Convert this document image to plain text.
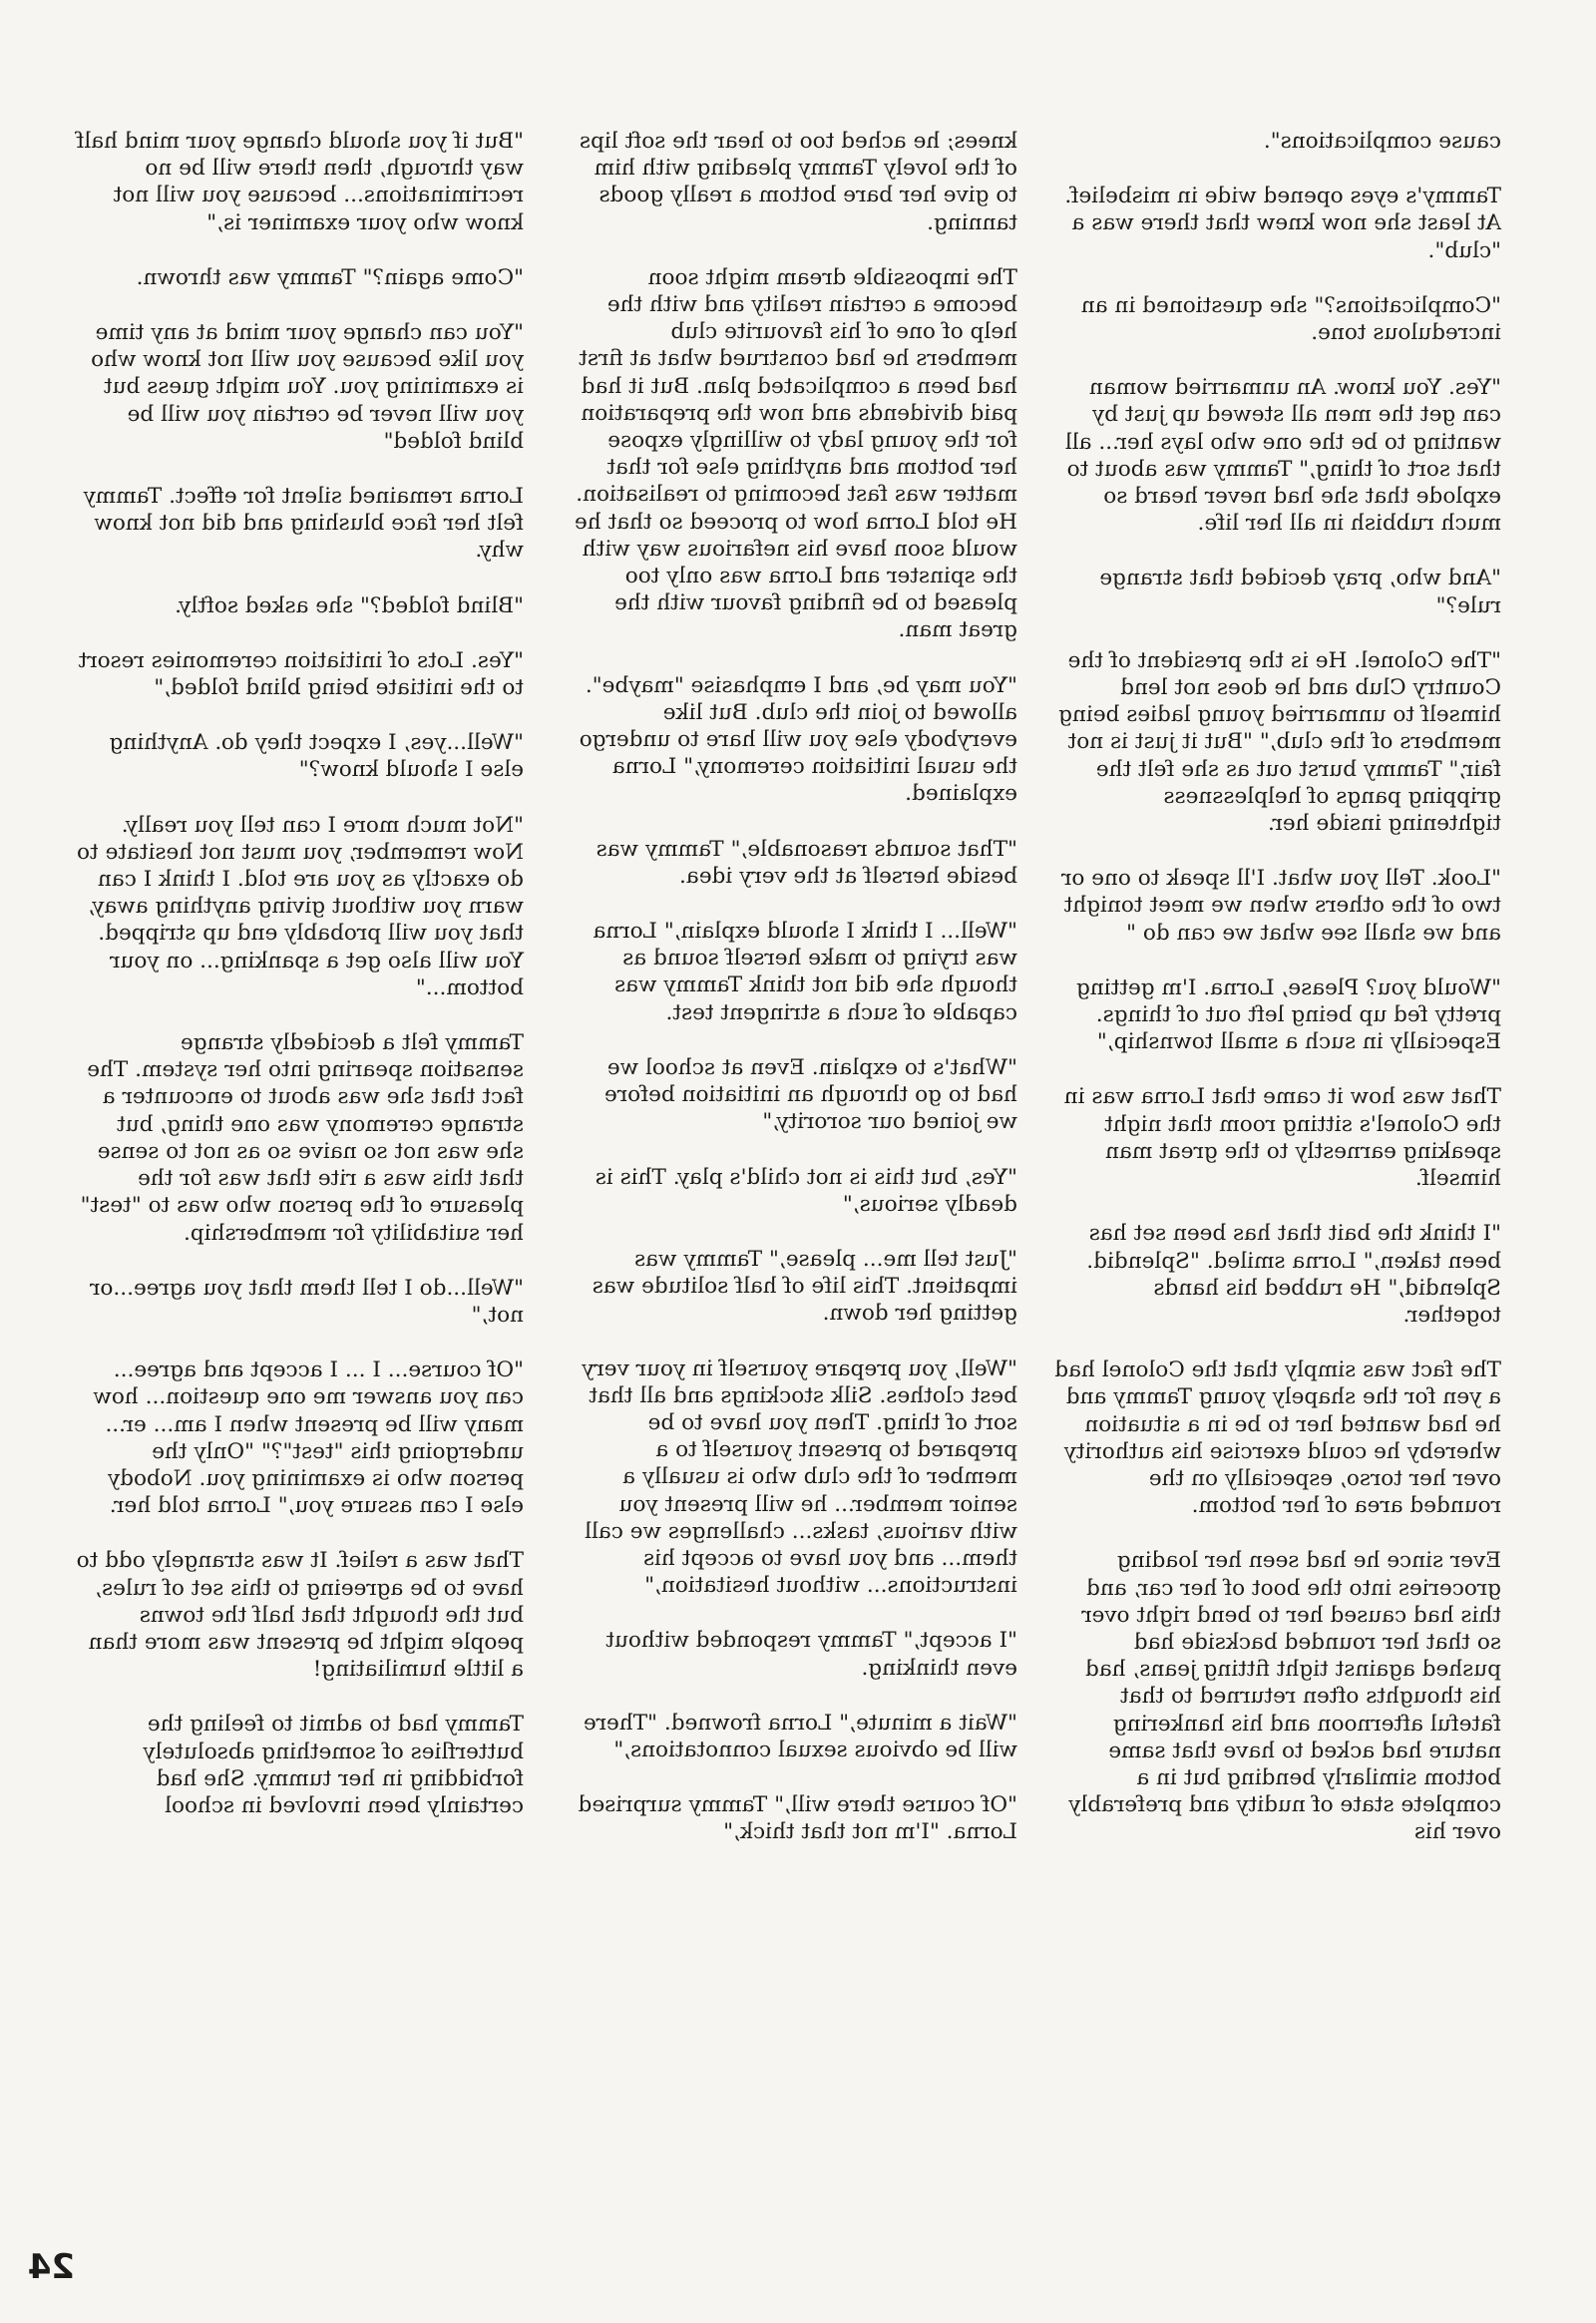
cause complications".

Tammy's eyes opened wide in misbelief. At least she now knew that there was a "club".

"Complications?" she questioned in an incredulous tone.

"Yes. You know. An unmarried woman can get the men all stewed up just by wanting to be the one who lays her... all that sort of thing," Tammy was about to explode that she had never heard so much rubbish in all her life.

"And who, pray decided that strange rule?"

"The Colonel. He is the president of the Country Club and he does not lend himself to unmarried young ladies being members of the club," "But it just is not fair," Tammy burst out as she felt the gripping pangs of helplessness tightening inside her.

"Look. Tell you what. I'll speak to one or two of the others when we meet tonight and we shall see what we can do "

"Would you? Please, Lorna. I'm getting pretty fed up being left out of things. Especially in such a small township,"

That was how it came that Lorna was in the Colonel's sitting room that night speaking earnestly to the great man himself.

"I think the bait that has been set has been taken," Lorna smiled. "Splendid. Splendid," He rubbed his hands together.

The fact was simply that the Colonel had a yen for the shapely young Tammy and he had wanted her to be in a situation whereby he could exercise his authority over her torso, especially on the rounded area of her bottom.

Ever since he had seen her loading groceries into the boot of her car, and this had caused her to bend right over so that her rounded backside had pushed against tight fitting jeans, had his thoughts often returned to that fateful afternoon and his hankering nature had acked to have that same bottom similarly bending but in a complete state of nudity and preferably over his

knees; he ached too to hear the soft lips of the lovely Tammy pleading with him to give her bare bottom a really goods tanning.

The impossible dream might soon become a certain reality and with the help of one of his favourite club members he had construed what at first had been a complicated plan. But it had paid dividends and now the preparation for the young lady to willingly expose her bottom and anything else for that matter was fast becoming to realisation. He told Lorna how to proceed so that he would soon have his nefarious way with the spinster and Lorna was only too pleased to be finding favour with the great man.

"You may be, and I emphasise "maybe". allowed to join the club. But like everybody else you will hare to undergo the usual initiation ceremony," Lorna explained.

"That sounds reasonable," Tammy was beside herself at the very idea.

"Well... I think I should explain," Lorna was trying to make herself sound as though she did not think Tammy was capable of such a stringent test.

"What's to explain. Even at school we had to go through an initiation before we joined our sorority,"

"Yes, but this is not child's play. This is deadly serious,"

"Just tell me... please," Tammy was impatient. This life of half solitude was getting her down.

"Well, you prepare yourself in your very best clothes. Silk stockings and all that sort of thing. Then you have to be prepared to present yourself to a member of the club who is usually a senior member... he will present you with various, tasks... challenges we call them... and you have to accept his instructions... without hesitation,"

"I accept," Tammy responded without even thinking.

"Wait a minute," Lorna frowned. "There will be obvious sexual connotations,"

"Of course there will," Tammy surprised Lorna. "I'm not that thick,"

"But if you should change your mind half way through, then there will be no recriminations... because you will not know who your examiner is,"

"Come again?" Tammy was thrown.

"You can change your mind at any time you like because you will not know who is examining you. You might guess but you will never be certain you will be blind folded"

Lorna remained silent for effect. Tammy felt her face blushing and did not know why.

"Blind folded?" she asked softly.

"Yes. Lots of initiation ceremonies resort to the initiate being blind folded,"

"Well...yes, I expect they do. Anything else I should know?"

"Not much more I can tell you really. Now remember, you must not hesitate to do exactly as you are told. I think I can warn you without giving anything away, that you will probably end up stripped. You will also get a spanking... on your bottom..."

Tammy felt a decidedly strange sensation spearing into her system. The fact that she was about to encounter a strange ceremony was one thing, but she was not so naive so as not to sense that this was a rite that was for the pleasure of the person who was to "test" her suitability for membership.

"Well...do I tell them that you agree...or not,"

"Of course... I ... I accept and agree... can you answer me one question... how many will be present when I am... er... undergoing this "test"?" "Only the person who is examining you. Nobody else I can assure you," Lorna told her.

That was a relief. It was strangely odd to have to be agreeing to this set of rules, but the thought that half the towns people might be present was more than a little humiliating!

Tammy had to admit to feeling the butterflies of something absolutely forbidding in her tummy. She had certainly been involved in school

24
